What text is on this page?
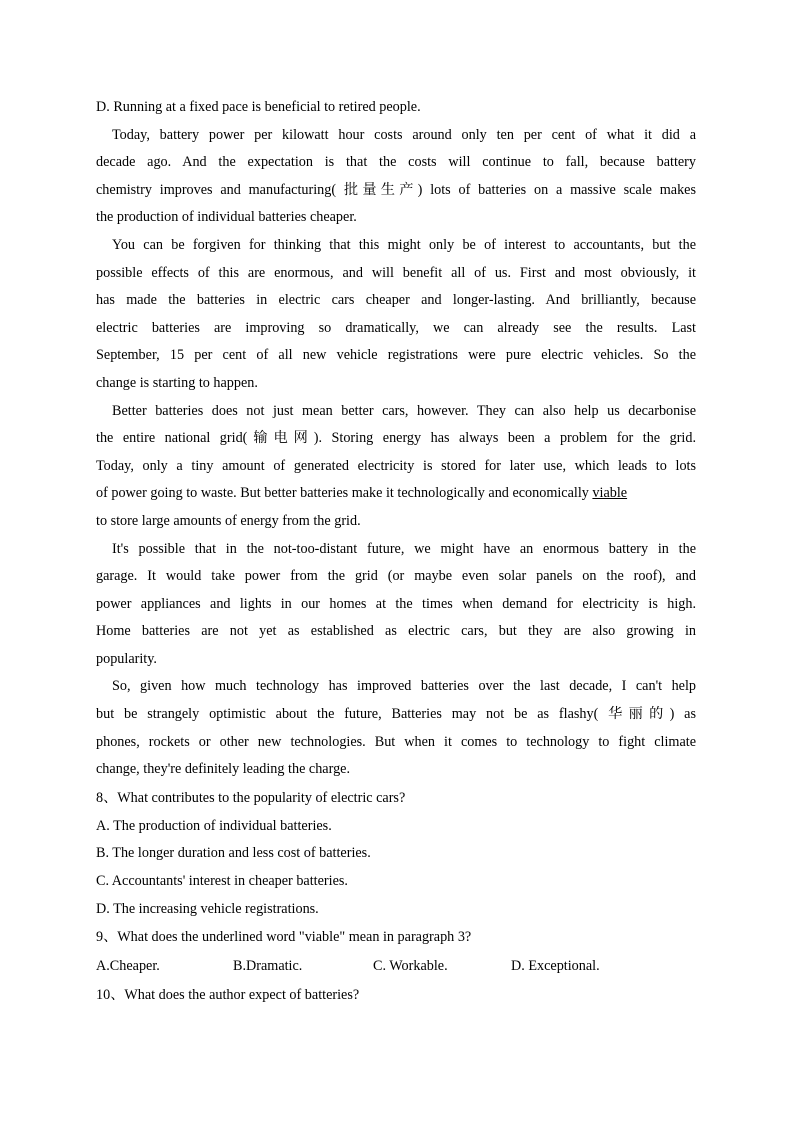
D. Running at a fixed pace is beneficial to retired people.
Today, battery power per kilowatt hour costs around only ten per cent of what it did a
decade ago. And the expectation is that the costs will continue to fall, because battery
chemistry improves and manufacturing( 批量生产) lots of batteries on a massive scale makes
the production of individual batteries cheaper.
You can be forgiven for thinking that this might only be of interest to accountants, but the
possible effects of this are enormous, and will benefit all of us. First and most obviously, it
has made the batteries in electric cars cheaper and longer-lasting. And brilliantly, because
electric batteries are improving so dramatically, we can already see the results. Last
September, 15 per cent of all new vehicle registrations were pure electric vehicles. So the
change is starting to happen.
Better batteries does not just mean better cars, however. They can also help us decarbonise
the entire national grid(输电网). Storing energy has always been a problem for the grid.
Today, only a tiny amount of generated electricity is stored for later use, which leads to lots
of power going to waste. But better batteries make it technologically and economically viable
to store large amounts of energy from the grid.
It's possible that in the not-too-distant future, we might have an enormous battery in the
garage. It would take power from the grid (or maybe even solar panels on the roof), and
power appliances and lights in our homes at the times when demand for electricity is high.
Home batteries are not yet as established as electric cars, but they are also growing in
popularity.
So, given how much technology has improved batteries over the last decade, I can't help
but be strangely optimistic about the future, Batteries may not be as flashy( 华丽的) as
phones, rockets or other new technologies. But when it comes to technology to fight climate
change, they're definitely leading the charge.
8、What contributes to the popularity of electric cars?
A. The production of individual batteries.
B. The longer duration and less cost of batteries.
C. Accountants' interest in cheaper batteries.
D. The increasing vehicle registrations.
9、What does the underlined word "viable" mean in paragraph 3?
A.Cheaper.	B.Dramatic.	C. Workable.	D. Exceptional.
10、What does the author expect of batteries?
